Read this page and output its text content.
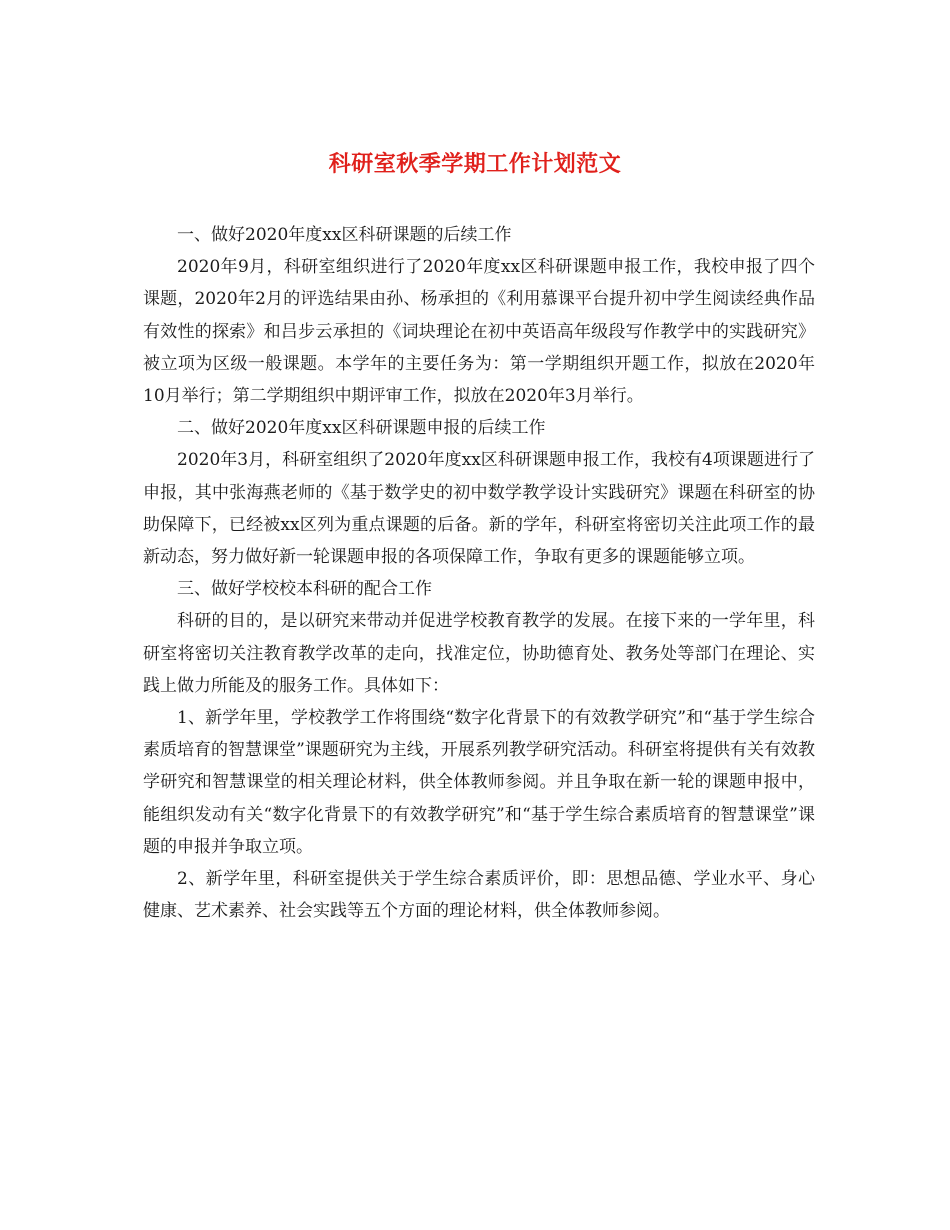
科研室秋季学期工作计划范文

一、做好2020年度xx区科研课题的后续工作

2020年9月，科研室组织进行了2020年度xx区科研课题申报工作，我校申报了四个课题，2020年2月的评选结果由孙、杨承担的《利用慕课平台提升初中学生阅读经典作品有效性的探索》和吕步云承担的《词块理论在初中英语高年级段写作教学中的实践研究》被立项为区级一般课题。本学年的主要任务为：第一学期组织开题工作，拟放在2020年10月举行；第二学期组织中期评审工作，拟放在2020年3月举行。

二、做好2020年度xx区科研课题申报的后续工作

2020年3月，科研室组织了2020年度xx区科研课题申报工作，我校有4项课题进行了申报，其中张海燕老师的《基于数学史的初中数学教学设计实践研究》课题在科研室的协助保障下，已经被xx区列为重点课题的后备。新的学年，科研室将密切关注此项工作的最新动态，努力做好新一轮课题申报的各项保障工作，争取有更多的课题能够立项。

三、做好学校校本科研的配合工作

科研的目的，是以研究来带动并促进学校教育教学的发展。在接下来的一学年里，科研室将密切关注教育教学改革的走向，找准定位，协助德育处、教务处等部门在理论、实践上做力所能及的服务工作。具体如下：

1、新学年里，学校教学工作将围绕“数字化背景下的有效教学研究”和“基于学生综合素质培育的智慧课堂”课题研究为主线，开展系列教学研究活动。科研室将提供有关有效教学研究和智慧课堂的相关理论材料，供全体教师参阅。并且争取在新一轮的课题申报中，能组织发动有关“数字化背景下的有效教学研究”和“基于学生综合素质培育的智慧课堂”课题的申报并争取立项。

2、新学年里，科研室提供关于学生综合素质评价，即：思想品德、学业水平、身心健康、艺术素养、社会实践等五个方面的理论材料，供全体教师参阅。
